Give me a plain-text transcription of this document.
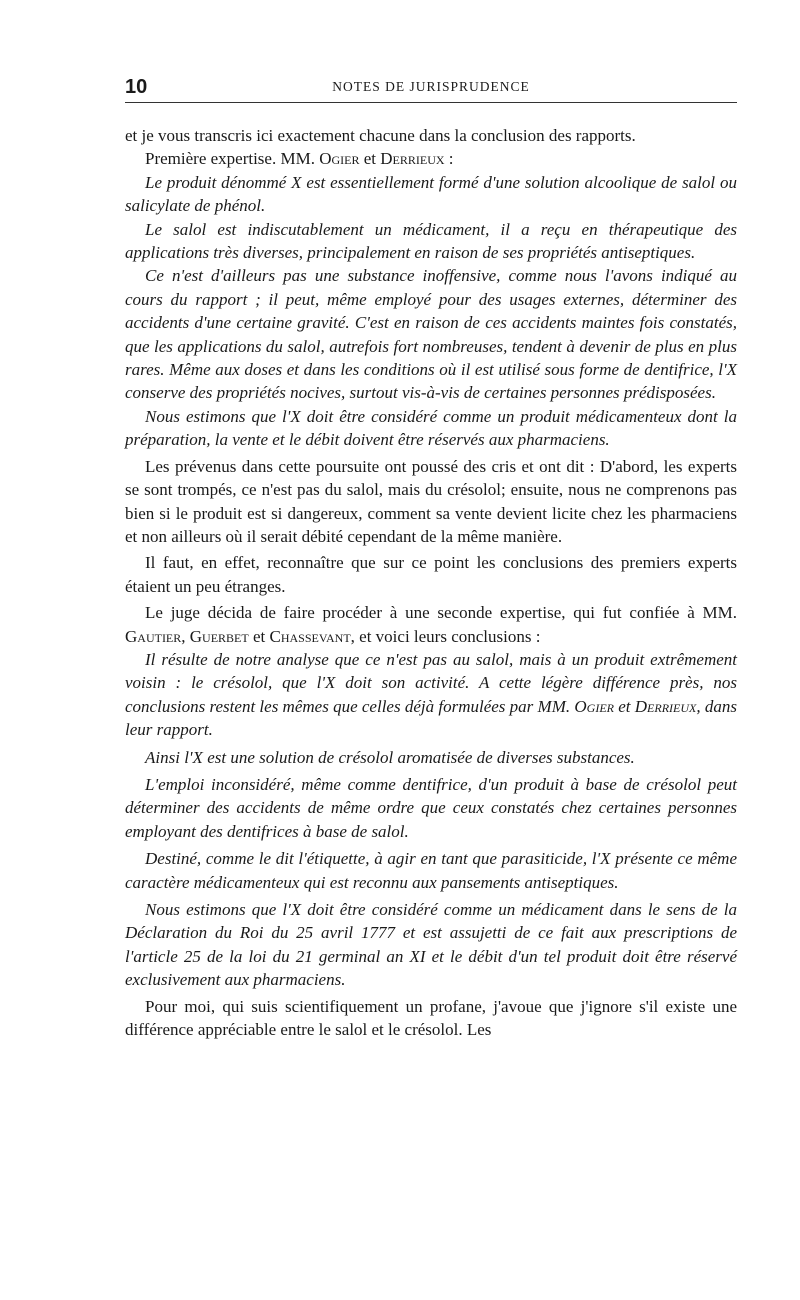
10	NOTES DE JURISPRUDENCE

et je vous transcris ici exactement chacune dans la conclusion des rapports.

Première expertise. MM. Ogier et Derrieux :

Le produit dénommé X est essentiellement formé d'une solution alcoolique de salol ou salicylate de phénol.

Le salol est indiscutablement un médicament, il a reçu en thérapeutique des applications très diverses, principalement en raison de ses propriétés antiseptiques.

Ce n'est d'ailleurs pas une substance inoffensive, comme nous l'avons indiqué au cours du rapport ; il peut, même employé pour des usages externes, déterminer des accidents d'une certaine gravité. C'est en raison de ces accidents maintes fois constatés, que les applications du salol, autrefois fort nombreuses, tendent à devenir de plus en plus rares. Même aux doses et dans les conditions où il est utilisé sous forme de dentifrice, l'X conserve des propriétés nocives, surtout vis-à-vis de certaines personnes prédisposées.

Nous estimons que l'X doit être considéré comme un produit médicamenteux dont la préparation, la vente et le débit doivent être réservés aux pharmaciens.

Les prévenus dans cette poursuite ont poussé des cris et ont dit : D'abord, les experts se sont trompés, ce n'est pas du salol, mais du crésolol; ensuite, nous ne comprenons pas bien si le produit est si dangereux, comment sa vente devient licite chez les pharmaciens et non ailleurs où il serait débité cependant de la même manière.

Il faut, en effet, reconnaître que sur ce point les conclusions des premiers experts étaient un peu étranges.

Le juge décida de faire procéder à une seconde expertise, qui fut confiée à MM. Gautier, Guerbet et Chassevant, et voici leurs conclusions :

Il résulte de notre analyse que ce n'est pas au salol, mais à un produit extrêmement voisin : le crésolol, que l'X doit son activité. A cette légère différence près, nos conclusions restent les mêmes que celles déjà formulées par MM. Ogier et Derrieux, dans leur rapport.

Ainsi l'X est une solution de crésolol aromatisée de diverses substances.

L'emploi inconsidéré, même comme dentifrice, d'un produit à base de crésolol peut déterminer des accidents de même ordre que ceux constatés chez certaines personnes employant des dentifrices à base de salol.

Destiné, comme le dit l'étiquette, à agir en tant que parasiticide, l'X présente ce même caractère médicamenteux qui est reconnu aux pansements antiseptiques.

Nous estimons que l'X doit être considéré comme un médicament dans le sens de la Déclaration du Roi du 25 avril 1777 et est assujetti de ce fait aux prescriptions de l'article 25 de la loi du 21 germinal an XI et le débit d'un tel produit doit être réservé exclusivement aux pharmaciens.

Pour moi, qui suis scientifiquement un profane, j'avoue que j'ignore s'il existe une différence appréciable entre le salol et le crésolol. Les
